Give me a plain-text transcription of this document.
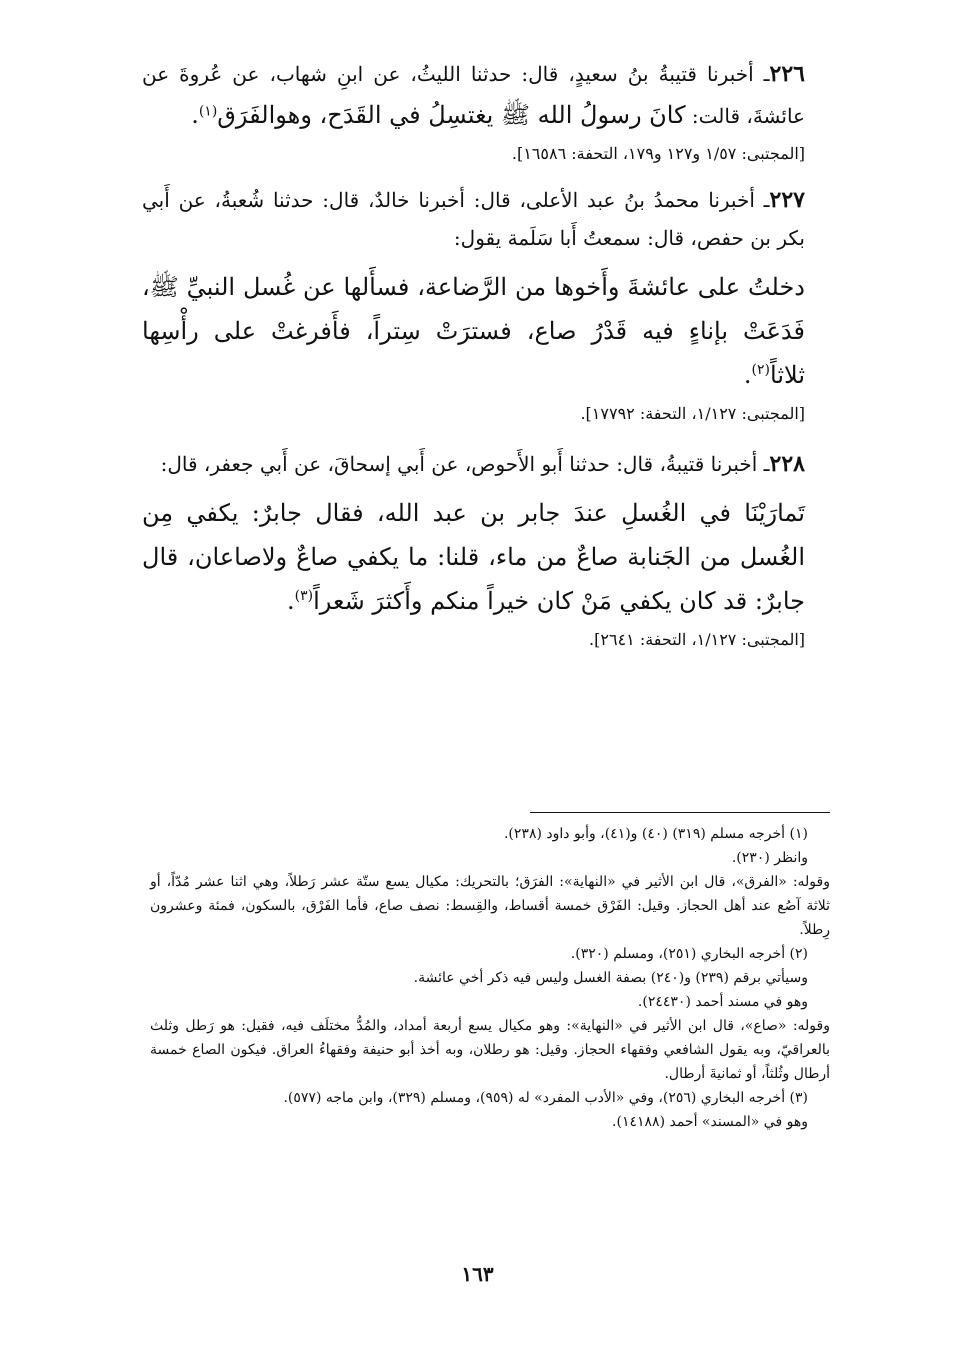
٢٢٦ـ أخبرنا قتيبةُ بنُ سعيدٍ، قال: حدثنا الليثُ، عن ابنِ شهاب، عن عُروةَ عن عائشةَ، قالت: كانَ رسولُ الله ﷺ يغتسِلُ في القَدَح، وهوالفَرَق$^{(١)}$.

[المجتبى: ١/٥٧ و١٢٧ و١٧٩، التحفة: ١٦٥٨٦].

٢٢٧ـ أخبرنا محمدُ بنُ عبد الأعلى، قال: أخبرنا خالدٌ، قال: حدثنا شُعبةُ، عن أَبي بكر بن حفص، قال: سمعتُ أَبا سَلَمة يقول:

دخلتُ على عائشةَ وأَخوها من الرَّضاعة، فسأَلها عن غُسل النبيِّ ﷺ، فَدَعَتْ بإناءٍ فيه قَدْرُ صاع، فسترَتْ سِتراً، فأَفرغتْ على رأْسِها ثلاثاً$^{(٢)}$.

[المجتبى: ١/١٢٧، التحفة: ١٧٧٩٢].

٢٢٨ـ أخبرنا قتيبةُ، قال: حدثنا أَبو الأَحوص، عن أَبي إسحاقَ، عن أَبي جعفر، قال:

تَمارَيْنَا في الغُسلِ عندَ جابر بن عبد الله، فقال جابرٌ: يكفي مِن الغُسل من الجَنابة صاعٌ من ماء، قلنا: ما يكفي صاعٌ ولاصاعان، قال جابرٌ: قد كان يكفي مَنْ كان خيراً منكم وأَكثرَ شَعراً$^{(٣)}$.

[المجتبى: ١/١٢٧، التحفة: ٢٦٤١].

(١) أخرجه مسلم (٣١٩) (٤٠) و(٤١)، وأبو داود (٢٣٨).

وانظر (٢٣٠).

وقوله: «الفرق»، قال ابن الأثير في «النهاية»: الفرَق؛ بالتحريك: مكيال يسع ستّة عشر رَطلاً، وهي اثنا عشر مُدّاً، أو ثلاثة آصُع عند أهل الحجاز. وقيل: الفَرْق خمسة أقساط، والقِسط: نصف صاع، فأما الفَرْق، بالسكون، فمئة وعشرون رِطلاً.

(٢) أخرجه البخاري (٢٥١)، ومسلم (٣٢٠).

وسيأتي برقم (٢٣٩) و(٢٤٠) بصفة الغسل وليس فيه ذكر أخي عائشة.

وهو في مسند أحمد (٢٤٤٣٠).

وقوله: «صاع»، قال ابن الأثير في «النهاية»: وهو مكيال يسع أربعة أمداد، والمُدُّ مختلَف فيه، فقيل: هو رَطل وثلث بالعراقيّ، وبه يقول الشافعي وفقهاء الحجاز. وقيل: هو رطلان، وبه أخذ أبو حنيفة وفقهاءُ العراق. فيكون الصاع خمسة أرطال وثُلثاً، أو ثمانيةَ أرطال.

(٣) أخرجه البخاري (٢٥٦)، وفي «الأدب المفرد» له (٩٥٩)، ومسلم (٣٢٩)، وابن ماجه (٥٧٧).

وهو في «المسند» أحمد (١٤١٨٨).

١٦٣
